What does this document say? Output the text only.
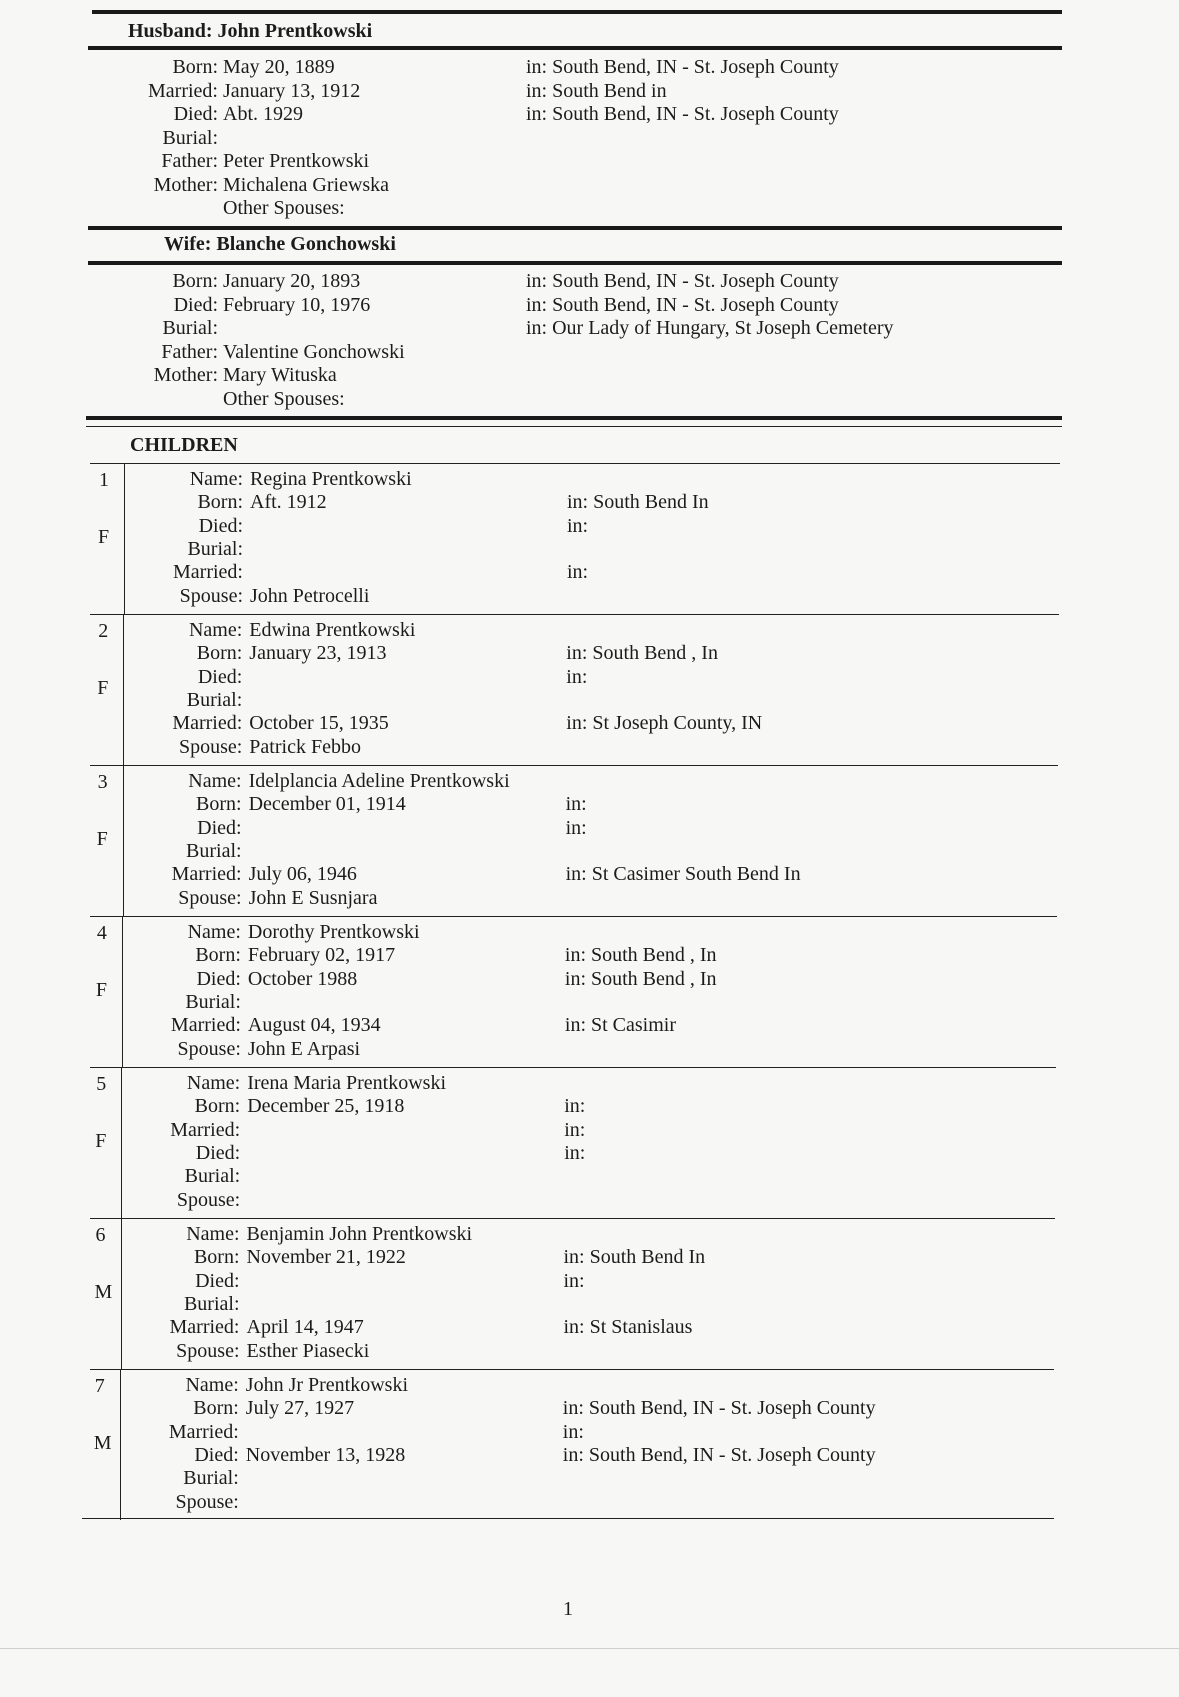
Husband: John Prentkowski
Born: May 20, 1889	in: South Bend, IN - St. Joseph County
Married: January 13, 1912	in: South Bend in
Died: Abt. 1929	in: South Bend, IN - St. Joseph County
Burial:
Father: Peter Prentkowski
Mother: Michalena Griewska
Other Spouses:
Wife: Blanche Gonchowski
Born: January 20, 1893	in: South Bend, IN - St. Joseph County
Died: February 10, 1976	in: South Bend, IN - St. Joseph County
Burial:	in: Our Lady of Hungary, St Joseph Cemetery
Father: Valentine Gonchowski
Mother: Mary Wituska
Other Spouses:
CHILDREN
1
F
Name: Regina Prentkowski
Born: Aft. 1912	in: South Bend In
Died:	in:
Burial:
Married:	in:
Spouse: John Petrocelli
2
F
Name: Edwina Prentkowski
Born: January 23, 1913	in: South Bend , In
Died:	in:
Burial:
Married: October 15, 1935	in: St Joseph County, IN
Spouse: Patrick Febbo
3
F
Name: Idelplancia Adeline Prentkowski
Born: December 01, 1914	in:
Died:	in:
Burial:
Married: July 06, 1946	in: St Casimer South Bend In
Spouse: John E Susnjara
4
F
Name: Dorothy Prentkowski
Born: February 02, 1917	in: South Bend , In
Died: October 1988	in: South Bend , In
Burial:
Married: August 04, 1934	in: St Casimir
Spouse: John E Arpasi
5
F
Name: Irena Maria Prentkowski
Born: December 25, 1918	in:
Married:	in:
Died:	in:
Burial:
Spouse:
6
M
Name: Benjamin John Prentkowski
Born: November 21, 1922	in: South Bend In
Died:	in:
Burial:
Married: April 14, 1947	in: St Stanislaus
Spouse: Esther Piasecki
7
M
Name: John Jr Prentkowski
Born: July 27, 1927	in: South Bend, IN - St. Joseph County
Married:	in:
Died: November 13, 1928	in: South Bend, IN - St. Joseph County
Burial:
Spouse:
1
